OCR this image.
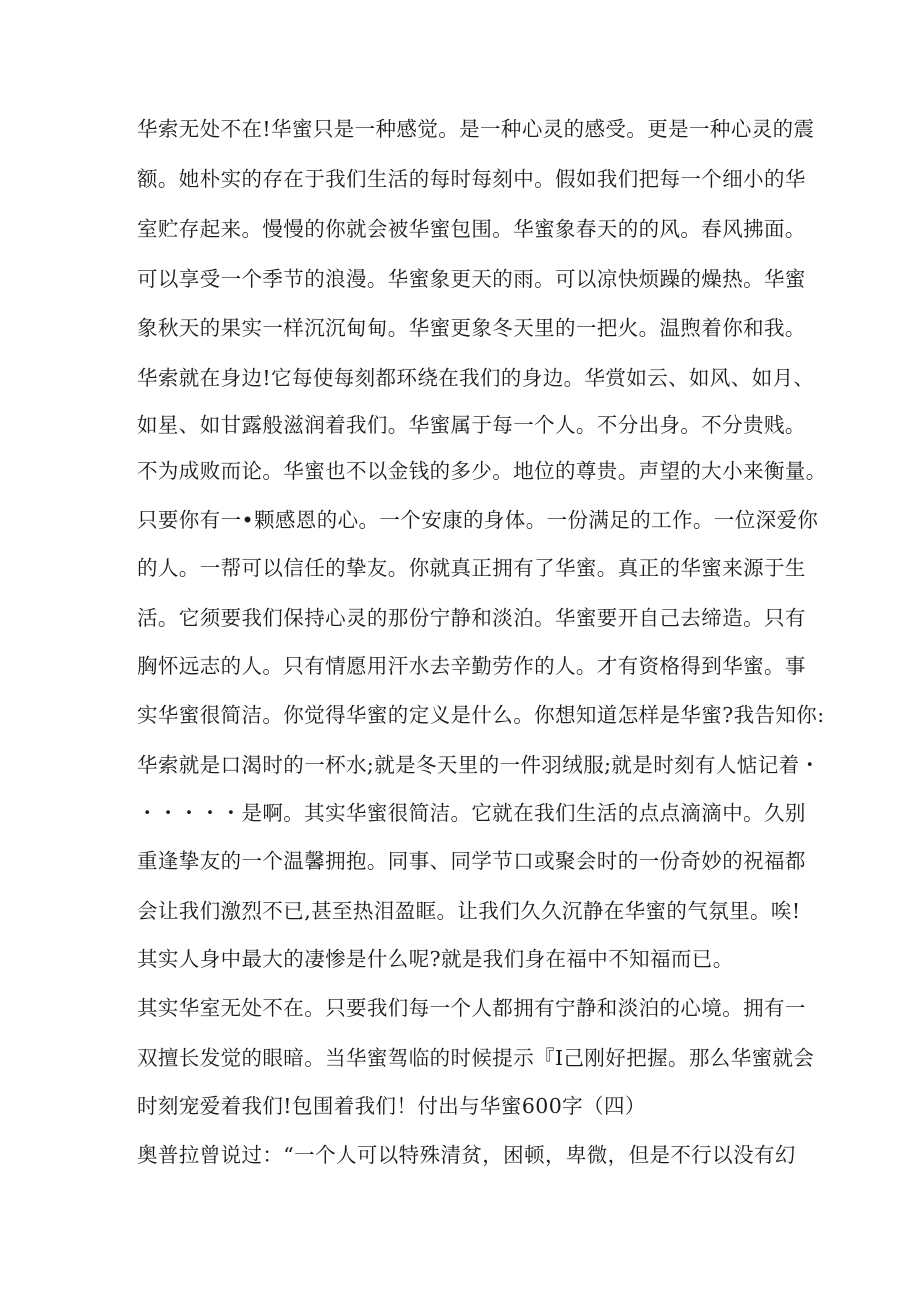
华索无处不在!华蜜只是一种感觉。是一种心灵的感受。更是一种心灵的震
额。她朴实的存在于我们生活的每时每刻中。假如我们把每一个细小的华
室贮存起来。慢慢的你就会被华蜜包围。华蜜象春天的的风。春风拂面。
可以享受一个季节的浪漫。华蜜象更天的雨。可以凉快烦躁的燥热。华蜜
象秋天的果实一样沉沉甸甸。华蜜更象冬天里的一把火。温煦着你和我。
华索就在身边!它每使每刻都环绕在我们的身边。华赏如云、如风、如月、
如星、如甘露般滋润着我们。华蜜属于每一个人。不分出身。不分贵贱。
不为成败而论。华蜜也不以金钱的多少。地位的尊贵。声望的大小来衡量。
只要你有一•颗感恩的心。一个安康的身体。一份满足的工作。一位深爱你
的人。一帮可以信任的挚友。你就真正拥有了华蜜。真正的华蜜来源于生
活。它须要我们保持心灵的那份宁静和淡泊。华蜜要开自己去缔造。只有
胸怀远志的人。只有情愿用汗水去辛勤劳作的人。才有资格得到华蜜。事
实华蜜很简洁。你觉得华蜜的定义是什么。你想知道怎样是华蜜?我告知你:
华索就是口渴时的一杯水;就是冬天里的一件羽绒服;就是时刻有人惦记着・
・・・・・是啊。其实华蜜很简洁。它就在我们生活的点点滴滴中。久别
重逢挚友的一个温馨拥抱。同事、同学节口或聚会时的一份奇妙的祝福都
会让我们激烈不已,甚至热泪盈眶。让我们久久沉静在华蜜的气氛里。唉!
其实人身中最大的凄惨是什么呢?就是我们身在福中不知福而已。
其实华室无处不在。只要我们每一个人都拥有宁静和淡泊的心境。拥有一
双擅长发觉的眼暗。当华蜜驾临的时候提示『I己刚好把握。那么华蜜就会
时刻宠爱着我们!包围着我们！付出与华蜜600字（四）
奥普拉曾说过：“一个人可以特殊清贫，困顿，卑微，但是不行以没有幻
